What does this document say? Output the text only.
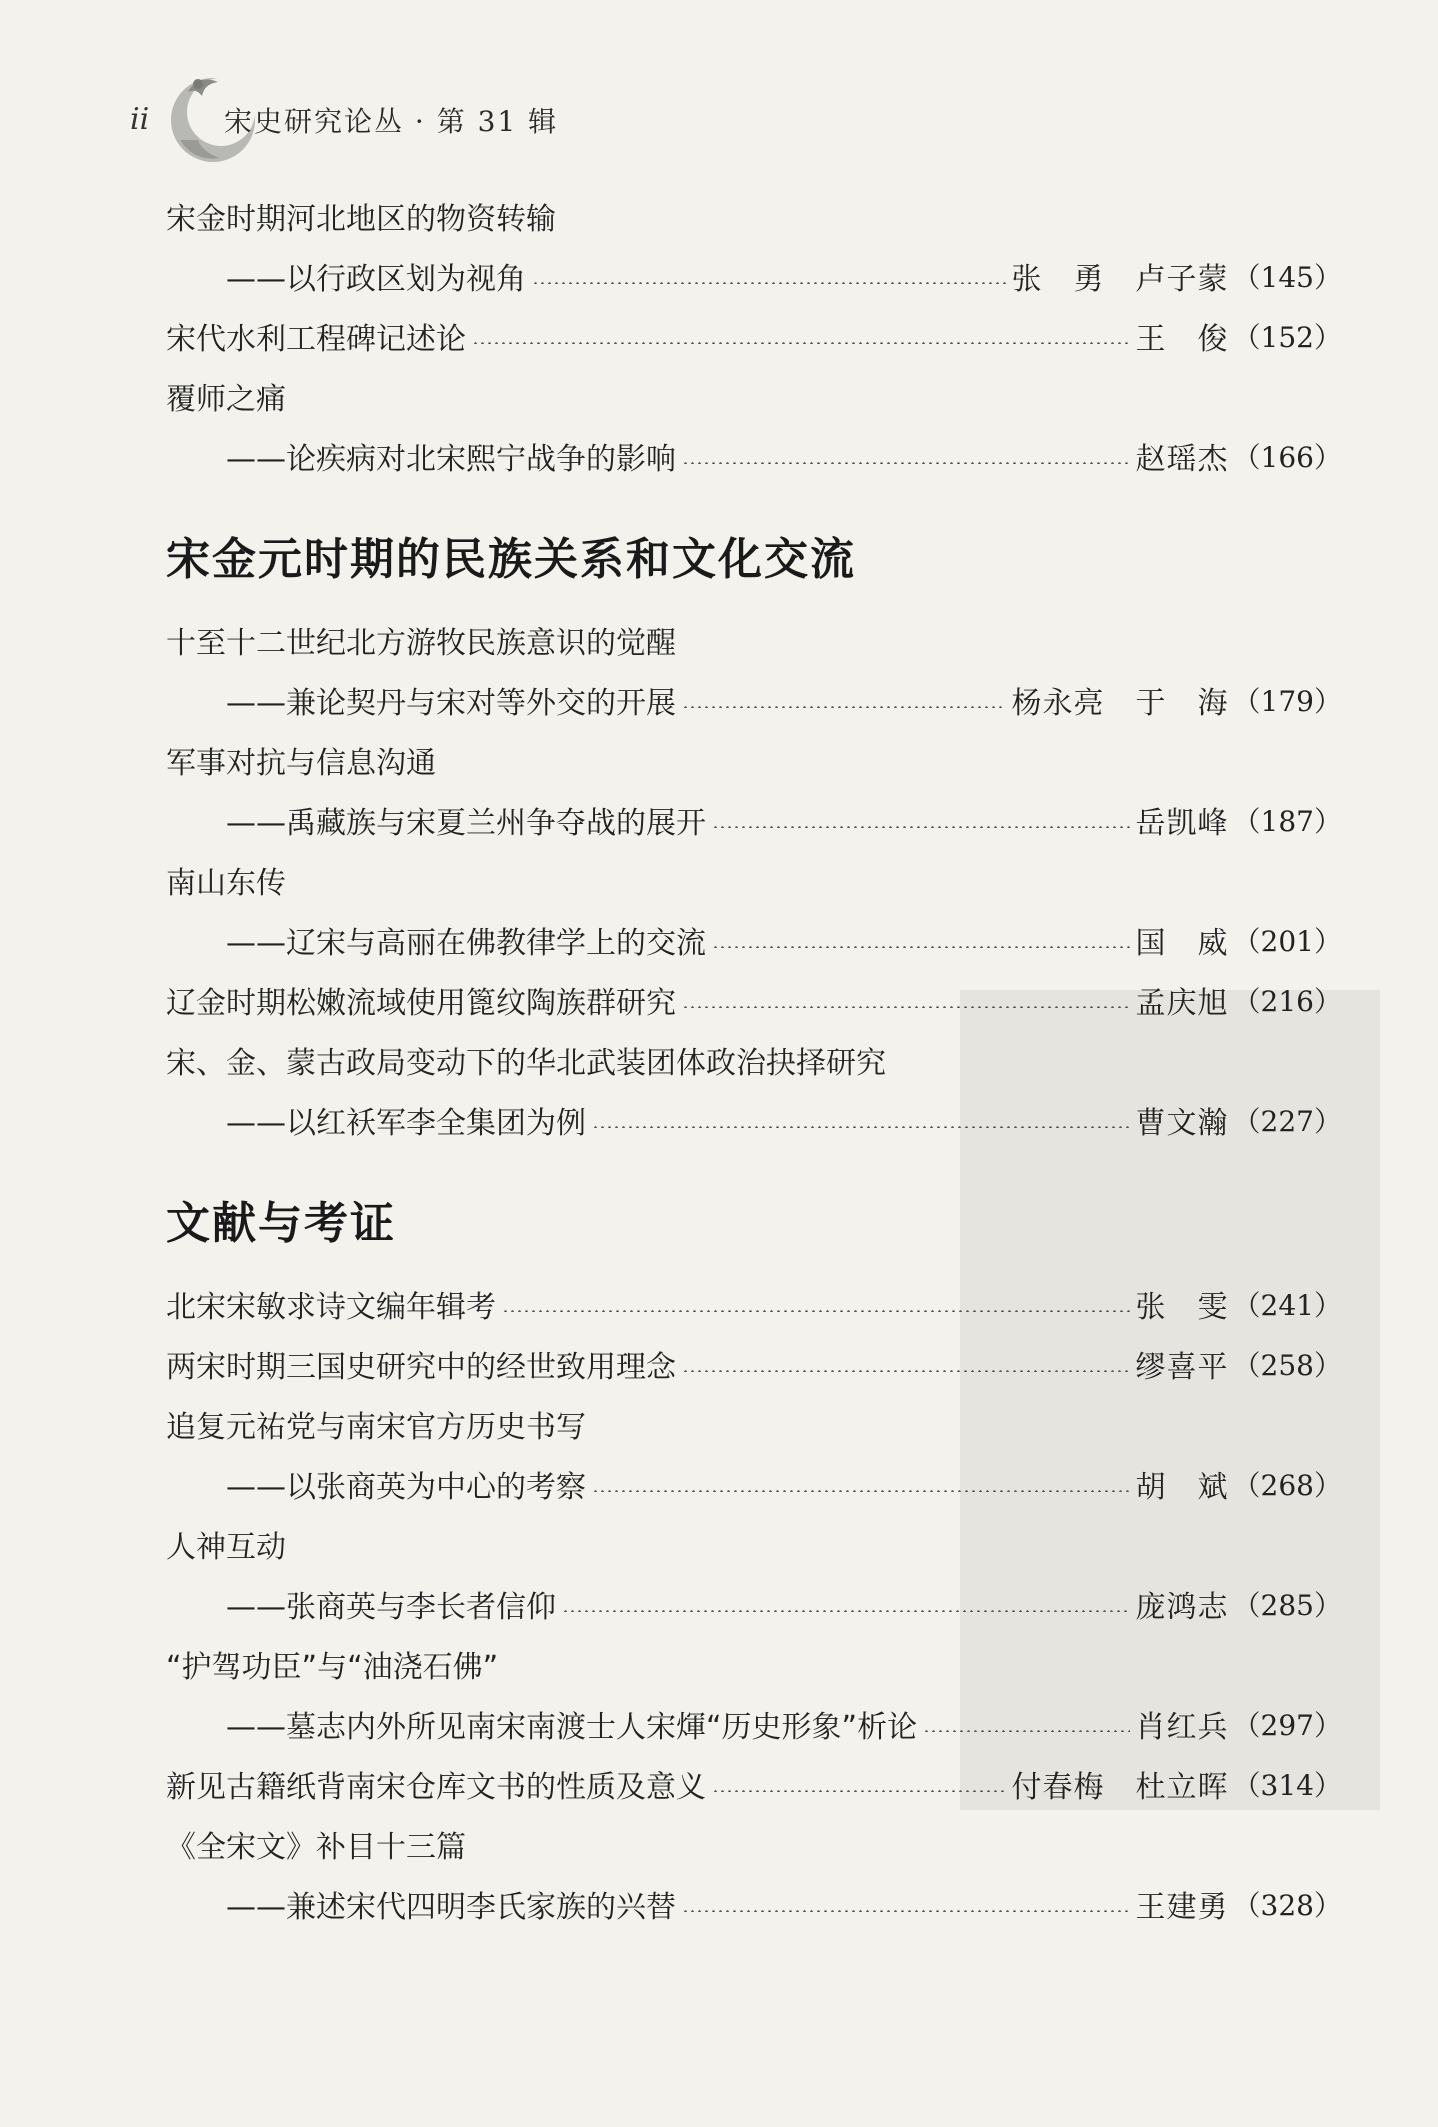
ii	宋史研究论丛 · 第 31 辑
宋金时期河北地区的物资转输
——以行政区划为视角	张　勇　卢子蒙 （145）
宋代水利工程碑记述论	王　俊 （152）
覆师之痛
——论疾病对北宋熙宁战争的影响	赵瑶杰 （166）
宋金元时期的民族关系和文化交流
十至十二世纪北方游牧民族意识的觉醒
——兼论契丹与宋对等外交的开展	杨永亮　于　海 （179）
军事对抗与信息沟通
——禹藏族与宋夏兰州争夺战的展开	岳凯峰 （187）
南山东传
——辽宋与高丽在佛教律学上的交流	国　威 （201）
辽金时期松嫩流域使用篦纹陶族群研究	孟庆旭 （216）
宋、金、蒙古政局变动下的华北武装团体政治抉择研究
——以红袄军李全集团为例	曹文瀚 （227）
文献与考证
北宋宋敏求诗文编年辑考	张　雯 （241）
两宋时期三国史研究中的经世致用理念	缪喜平 （258）
追复元祐党与南宋官方历史书写
——以张商英为中心的考察	胡　斌 （268）
人神互动
——张商英与李长者信仰	庞鸿志 （285）
“护驾功臣”与“油浇石佛”
——墓志内外所见南宋南渡士人宋煇“历史形象”析论	肖红兵 （297）
新见古籍纸背南宋仓库文书的性质及意义	付春梅　杜立晖 （314）
《全宋文》补目十三篇
——兼述宋代四明李氏家族的兴替	王建勇 （328）
